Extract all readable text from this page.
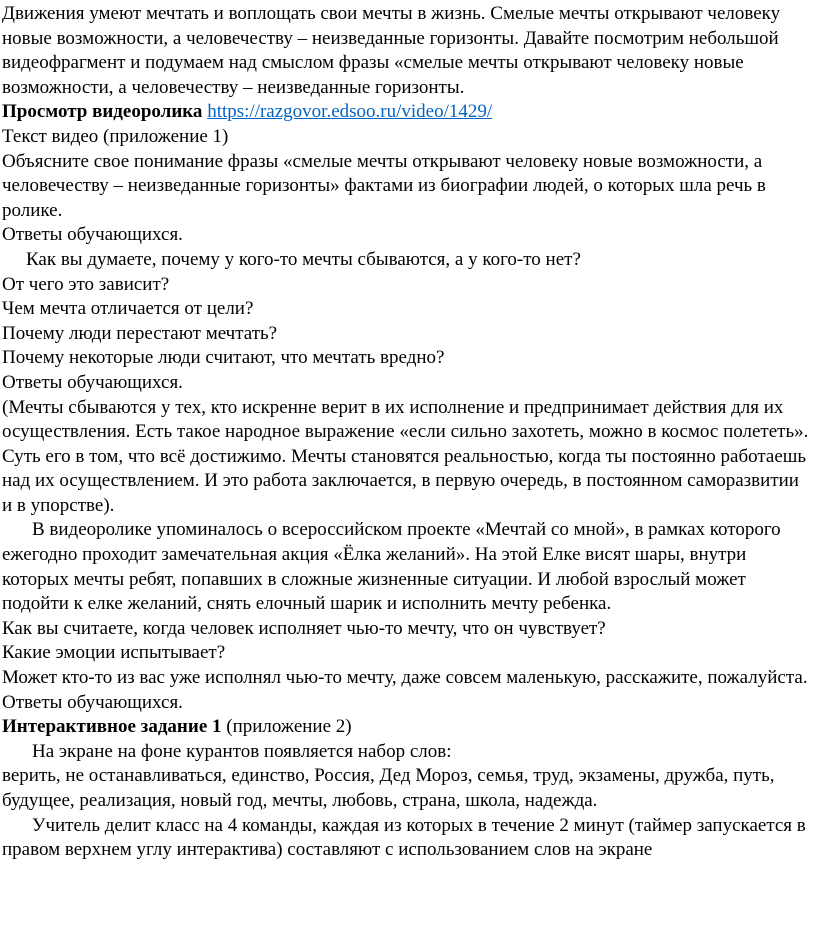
Движения умеют мечтать и воплощать свои мечты в жизнь. Смелые мечты открывают человеку новые возможности, а человечеству – неизведанные горизонты. Давайте посмотрим небольшой видеофрагмент и подумаем над смыслом фразы «смелые мечты открывают человеку новые возможности, а человечеству – неизведанные горизонты.

Просмотр видеоролика https://razgovor.edsoo.ru/video/1429/

Текст видео (приложение 1)

Объясните свое понимание фразы «смелые мечты открывают человеку новые возможности, а человечеству – неизведанные горизонты» фактами из биографии людей, о которых шла речь в ролике.

Ответы обучающихся.

Как вы думаете, почему у кого-то мечты сбываются, а у кого-то нет?

От чего это зависит?

Чем мечта отличается от цели?

Почему люди перестают мечтать?

Почему некоторые люди считают, что мечтать вредно?

Ответы обучающихся.

(Мечты сбываются у тех, кто искренне верит в их исполнение и предпринимает действия для их осуществления. Есть такое народное выражение «если сильно захотеть, можно в космос полететь». Суть его в том, что всё достижимо. Мечты становятся реальностью, когда ты постоянно работаешь над их осуществлением. И это работа заключается, в первую очередь, в постоянном саморазвитии и в упорстве).

В видеоролике упоминалось о всероссийском проекте «Мечтай со мной», в рамках которого ежегодно проходит замечательная акция «Ёлка желаний». На этой Елке висят шары, внутри которых мечты ребят, попавших в сложные жизненные ситуации. И любой взрослый может подойти к елке желаний, снять елочный шарик и исполнить мечту ребенка.

Как вы считаете, когда человек исполняет чью-то мечту, что он чувствует?

Какие эмоции испытывает?

Может кто-то из вас уже исполнял чью-то мечту, даже совсем маленькую, расскажите, пожалуйста.

Ответы обучающихся.

Интерактивное задание 1 (приложение 2)

На экране на фоне курантов появляется набор слов:

верить, не останавливаться, единство, Россия, Дед Мороз, семья, труд, экзамены, дружба, путь, будущее, реализация, новый год, мечты, любовь, страна, школа, надежда.

Учитель делит класс на 4 команды, каждая из которых в течение 2 минут (таймер запускается в правом верхнем углу интерактива) составляют с использованием слов на экране
